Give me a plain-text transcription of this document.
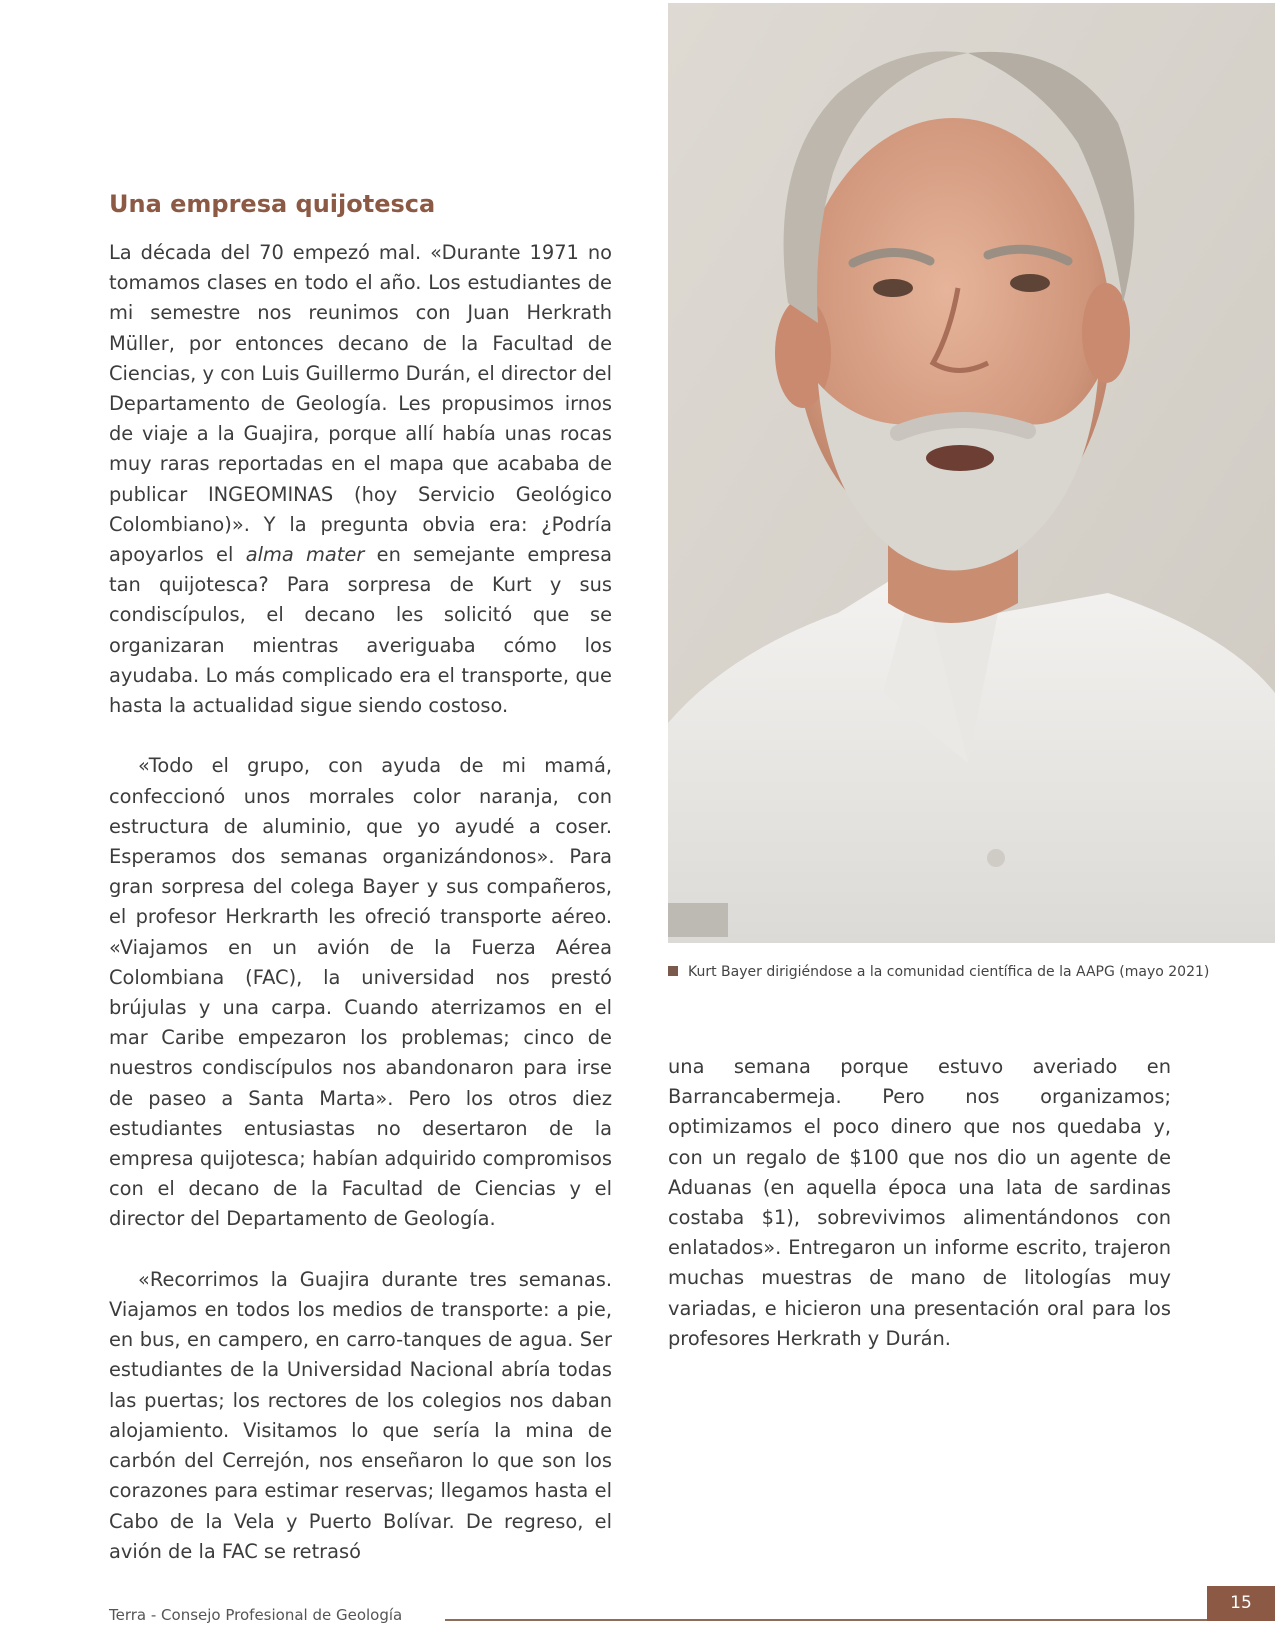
Una empresa quijotesca

La década del 70 empezó mal. «Durante 1971 no tomamos clases en todo el año. Los estudiantes de mi semestre nos reunimos con Juan Herkrath Müller, por entonces decano de la Facultad de Ciencias, y con Luis Guillermo Durán, el director del Departamento de Geología. Les propusimos irnos de viaje a la Guajira, porque allí había unas rocas muy raras reportadas en el mapa que acababa de publicar INGEOMINAS (hoy Servicio Geológico Colombiano)». Y la pregunta obvia era: ¿Podría apoyarlos el alma mater en semejante empresa tan quijotesca? Para sorpresa de Kurt y sus condiscípulos, el decano les solicitó que se organizaran mientras averiguaba cómo los ayudaba. Lo más complicado era el transporte, que hasta la actualidad sigue siendo costoso.

«Todo el grupo, con ayuda de mi mamá, confeccionó unos morrales color naranja, con estructura de aluminio, que yo ayudé a coser. Esperamos dos semanas organizándonos». Para gran sorpresa del colega Bayer y sus compañeros, el profesor Herkrarth les ofreció transporte aéreo. «Viajamos en un avión de la Fuerza Aérea Colombiana (FAC), la universidad nos prestó brújulas y una carpa. Cuando aterrizamos en el mar Caribe empezaron los problemas; cinco de nuestros condiscípulos nos abandonaron para irse de paseo a Santa Marta». Pero los otros diez estudiantes entusiastas no desertaron de la empresa quijotesca; habían adquirido compromisos con el decano de la Facultad de Ciencias y el director del Departamento de Geología.

«Recorrimos la Guajira durante tres semanas. Viajamos en todos los medios de transporte: a pie, en bus, en campero, en carro-tanques de agua. Ser estudiantes de la Universidad Nacional abría todas las puertas; los rectores de los colegios nos daban alojamiento. Visitamos lo que sería la mina de carbón del Cerrejón, nos enseñaron lo que son los corazones para estimar reservas; llegamos hasta el Cabo de la Vela y Puerto Bolívar. De regreso, el avión de la FAC se retrasó

Kurt Bayer dirigiéndose a la comunidad científica de la AAPG (mayo 2021)

una semana porque estuvo averiado en Barrancabermeja. Pero nos organizamos; optimizamos el poco dinero que nos quedaba y, con un regalo de $100 que nos dio un agente de Aduanas (en aquella época una lata de sardinas costaba $1), sobrevivimos alimentándonos con enlatados». Entregaron un informe escrito, trajeron muchas muestras de mano de litologías muy variadas, e hicieron una presentación oral para los profesores Herkrath y Durán.

Terra - Consejo Profesional de Geología
15
